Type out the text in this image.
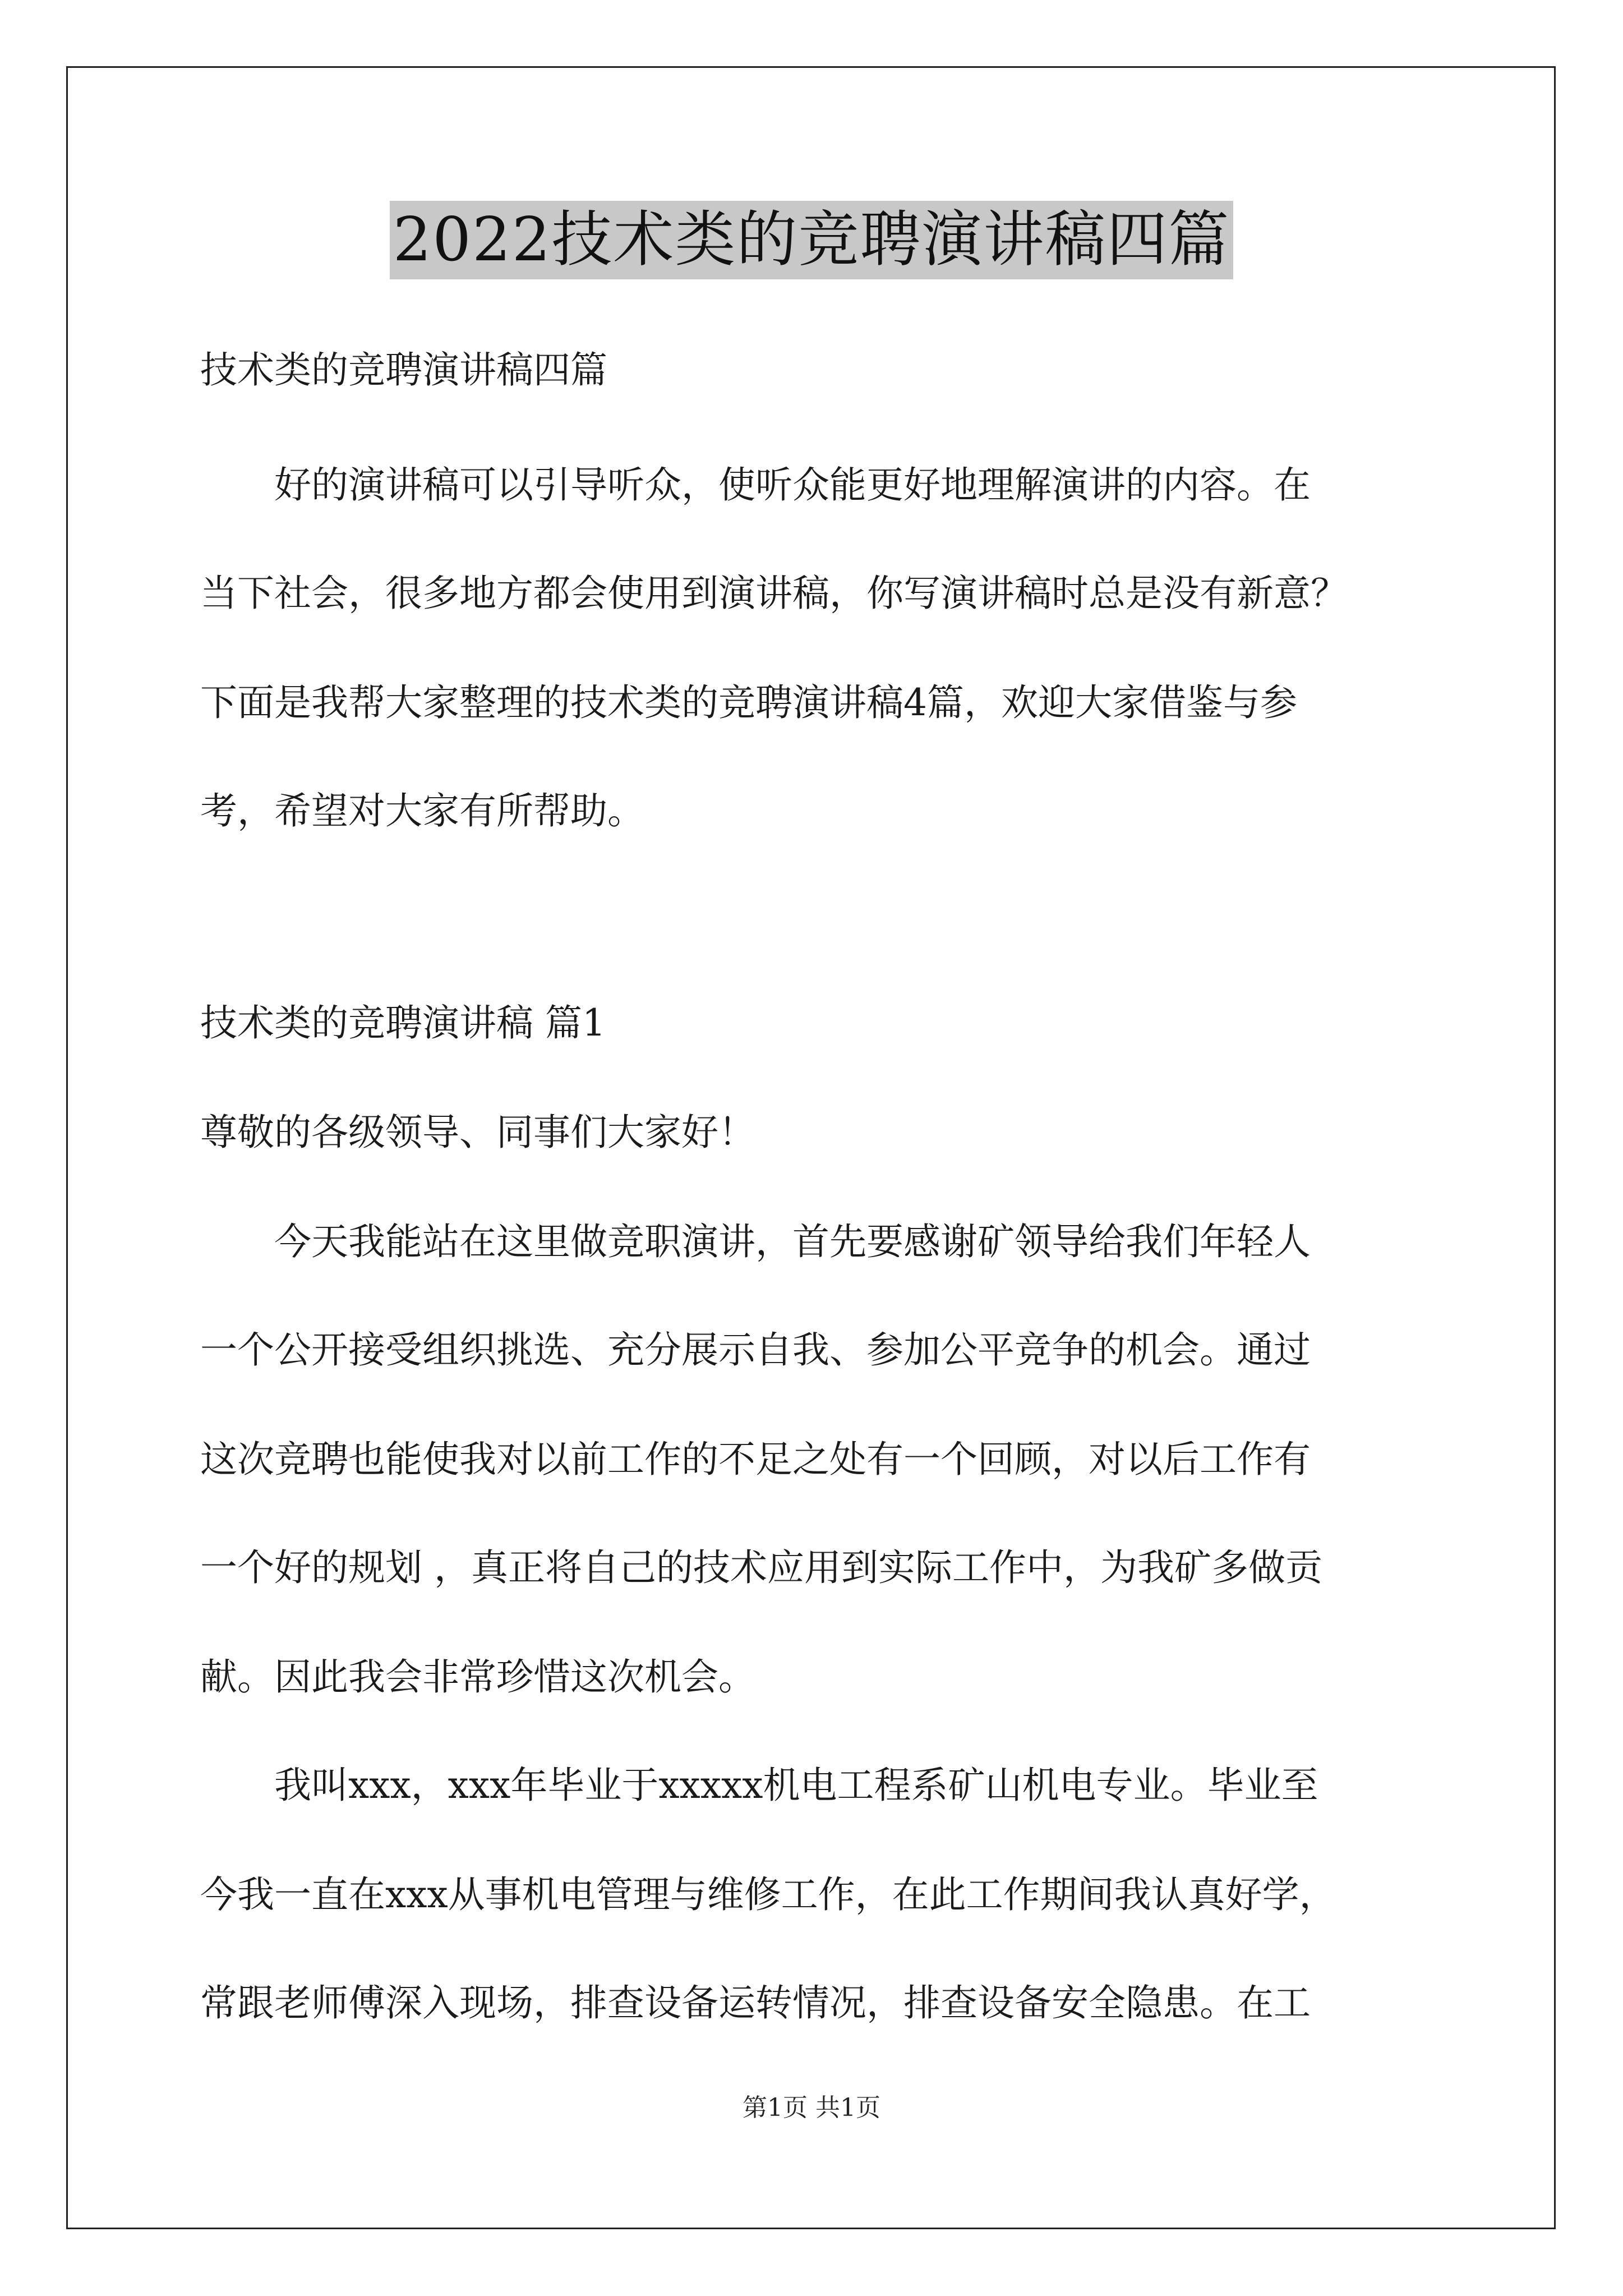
2022技术类的竞聘演讲稿四篇
技术类的竞聘演讲稿四篇
好的演讲稿可以引导听众，使听众能更好地理解演讲的内容。在
当下社会，很多地方都会使用到演讲稿，你写演讲稿时总是没有新意？
下面是我帮大家整理的技术类的竞聘演讲稿4篇，欢迎大家借鉴与参
考，希望对大家有所帮助。
技术类的竞聘演讲稿 篇1
尊敬的各级领导、同事们大家好！
今天我能站在这里做竞职演讲，首先要感谢矿领导给我们年轻人
一个公开接受组织挑选、充分展示自我、参加公平竞争的机会。通过
这次竞聘也能使我对以前工作的不足之处有一个回顾，对以后工作有
一个好的规划 ，真正将自己的技术应用到实际工作中，为我矿多做贡
献。因此我会非常珍惜这次机会。
我叫xxx，xxx年毕业于xxxxx机电工程系矿山机电专业。毕业至
今我一直在xxx从事机电管理与维修工作，在此工作期间我认真好学，
常跟老师傅深入现场，排查设备运转情况，排查设备安全隐患。在工
第1页 共1页
